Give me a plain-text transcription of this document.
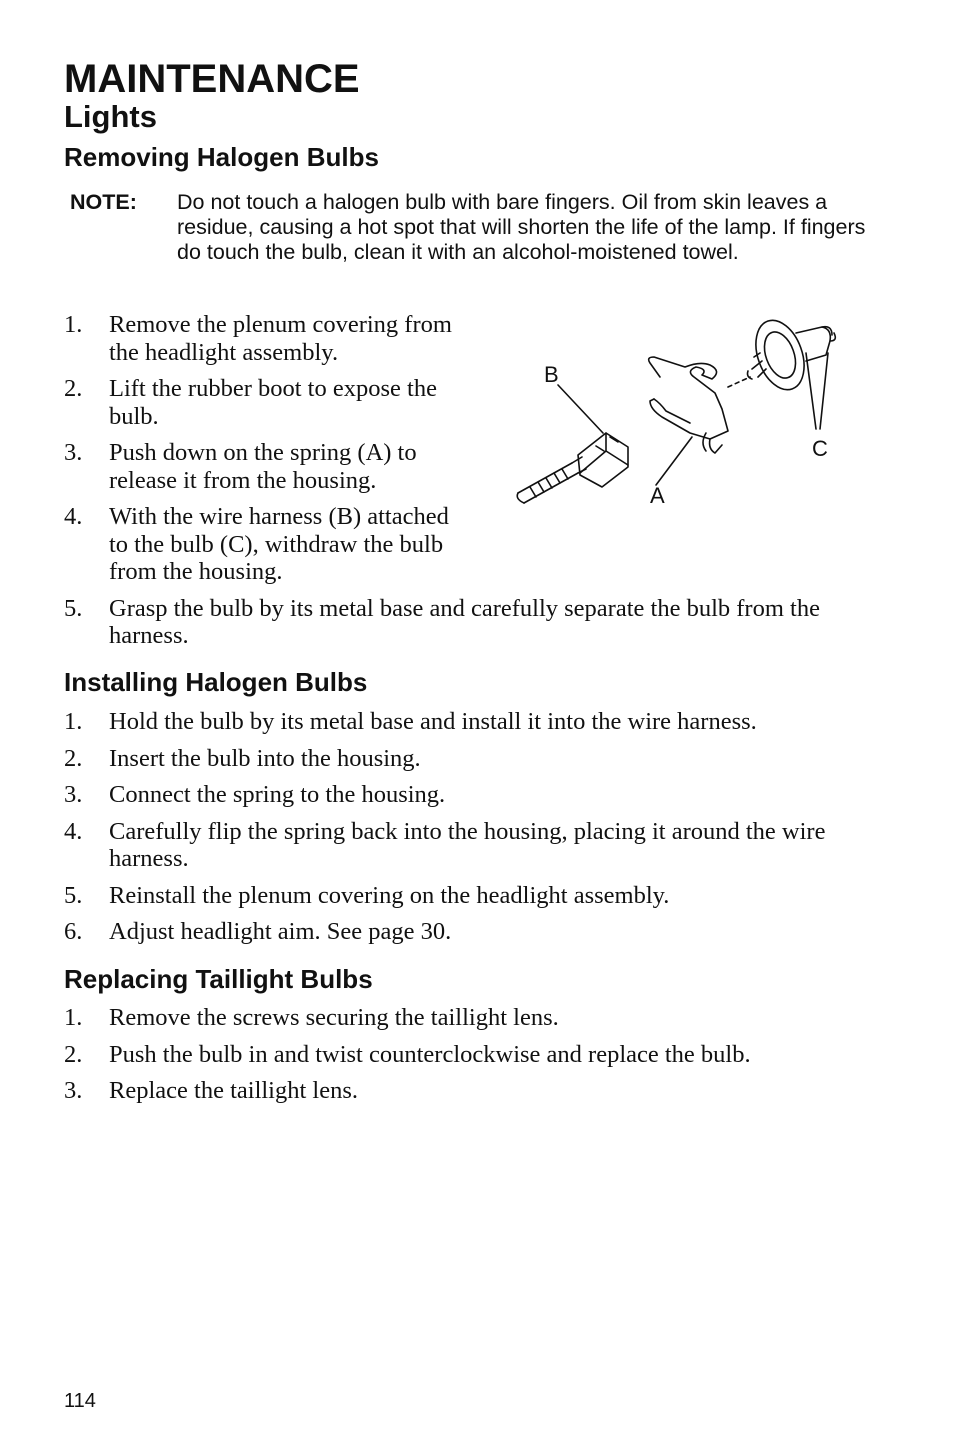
MAINTENANCE
Lights
Removing Halogen Bulbs
NOTE: Do not touch a halogen bulb with bare fingers. Oil from skin leaves a residue, causing a hot spot that will shorten the life of the lamp. If fingers do touch the bulb, clean it with an alcohol-moistened towel.
1. Remove the plenum covering from the headlight assembly.
2. Lift the rubber boot to expose the bulb.
3. Push down on the spring (A) to release it from the housing.
4. With the wire harness (B) attached to the bulb (C), withdraw the bulb from the housing.
5. Grasp the bulb by its metal base and carefully separate the bulb from the harness.
B
A
C
Installing Halogen Bulbs
1. Hold the bulb by its metal base and install it into the wire harness.
2. Insert the bulb into the housing.
3. Connect the spring to the housing.
4. Carefully flip the spring back into the housing, placing it around the wire harness.
5. Reinstall the plenum covering on the headlight assembly.
6. Adjust headlight aim. See page 30.
Replacing Taillight Bulbs
1. Remove the screws securing the taillight lens.
2. Push the bulb in and twist counterclockwise and replace the bulb.
3. Replace the taillight lens.
114
